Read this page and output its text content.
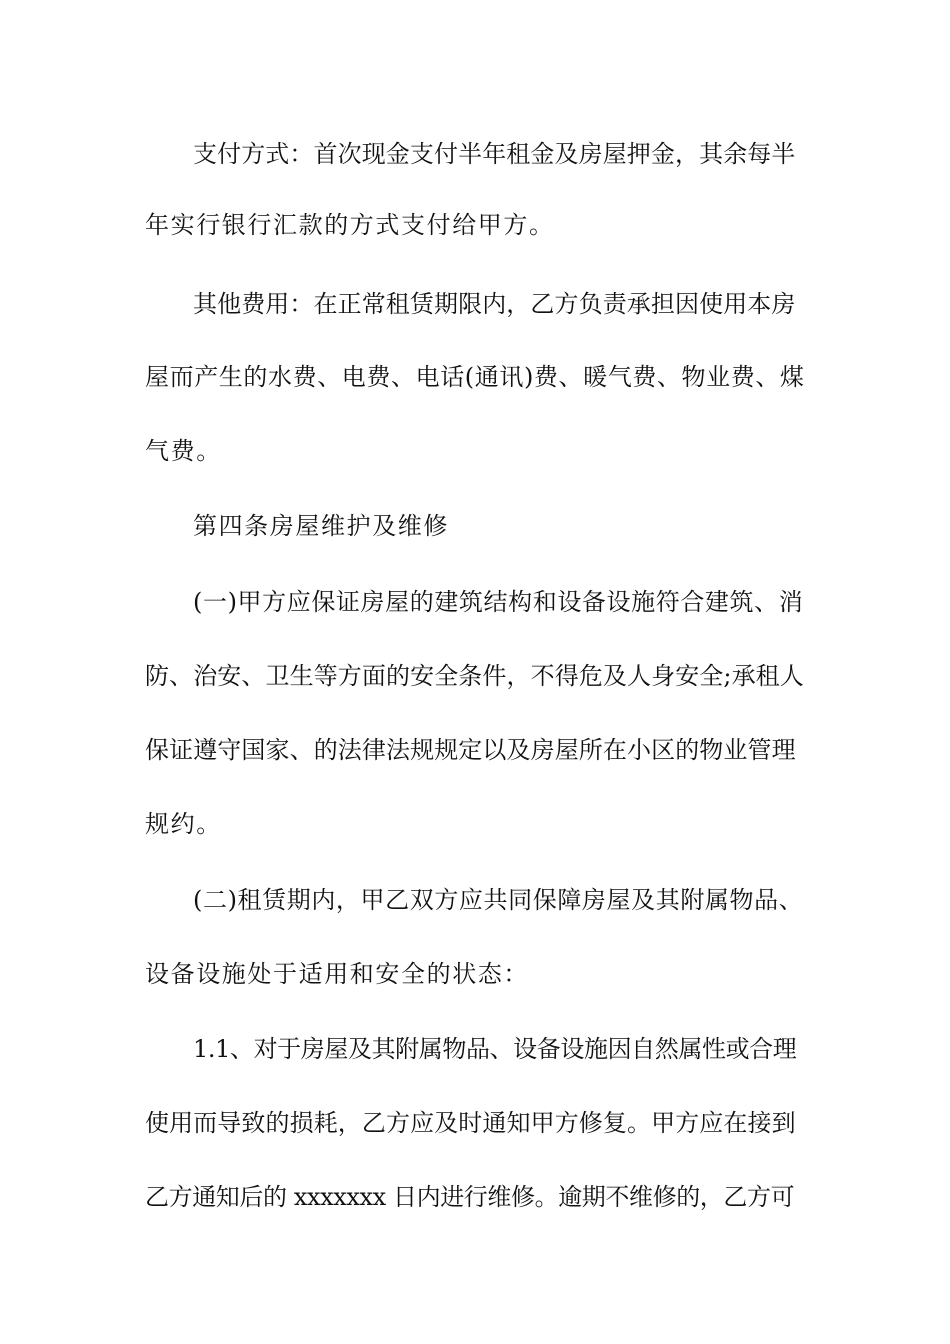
支付方式：首次现金支付半年租金及房屋押金，其余每半
年实行银行汇款的方式支付给甲方。
其他费用：在正常租赁期限内，乙方负责承担因使用本房
屋而产生的水费、电费、电话(通讯)费、暖气费、物业费、煤
气费。
第四条房屋维护及维修
(一)甲方应保证房屋的建筑结构和设备设施符合建筑、消
防、治安、卫生等方面的安全条件，不得危及人身安全;承租人
保证遵守国家、的法律法规规定以及房屋所在小区的物业管理
规约。
(二)租赁期内，甲乙双方应共同保障房屋及其附属物品、
设备设施处于适用和安全的状态：
1.1、对于房屋及其附属物品、设备设施因自然属性或合理
使用而导致的损耗，乙方应及时通知甲方修复。甲方应在接到
乙方通知后的 xxxxxxx 日内进行维修。逾期不维修的，乙方可
